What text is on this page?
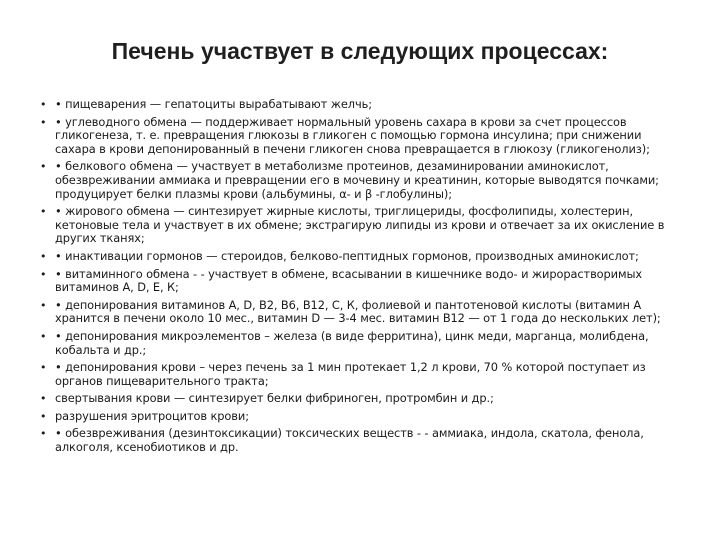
Печень участвует в следующих процессах:
• • пищеварения — гепатоциты вырабатывают желчь;
• • углеводного обмена — поддерживает нормальный уровень сахара в крови за счет процессов гликогенеза, т. е. превращения глюкозы в гликоген с помощью гормона инсулина; при снижении сахара в крови депонированный в печени гликоген снова превращается в глюкозу (гликогенолиз);
• • белкового обмена — участвует в метаболизме протеинов, дезаминировании аминокислот, обезвреживании аммиака и превращении его в мочевину и креатинин, которые выводятся почками; продуцирует белки плазмы крови (альбумины, α- и β -глобулины);
• • жирового обмена — синтезирует жирные кислоты, триглицериды, фосфолипиды, холестерин, кетоновые тела и участвует в их обмене; экстрагирую липиды из крови и отвечает за их окисление в других тканях;
• • инактивации гормонов — стероидов, белково-пептидных гормонов, производных аминокислот;
• • витаминного обмена - - участвует в обмене, всасывании в кишечнике водо- и жирорастворимых витаминов А, D, Е, К;
• • депонирования витаминов А, D, В2, В6, В12, С, К, фолиевой и пантотеновой кислоты (витамин А хранится в печени около 10 мес., витамин D — 3-4 мес. витамин В12 — от 1 года до нескольких лет);
• • депонирования микроэлементов – железа (в виде ферритина), цинк меди, марганца, молибдена, кобальта и др.;
• • депонирования крови – через печень за 1 мин протекает 1,2 л крови, 70 % которой поступает из органов пищеварительного тракта;
• свертывания крови — синтезирует белки фибриноген, протромбин и др.;
• разрушения эритроцитов крови;
• • обезвреживания (дезинтоксикации) токсических веществ - - аммиака, индола, скатола, фенола, алкоголя, ксенобиотиков и др.
